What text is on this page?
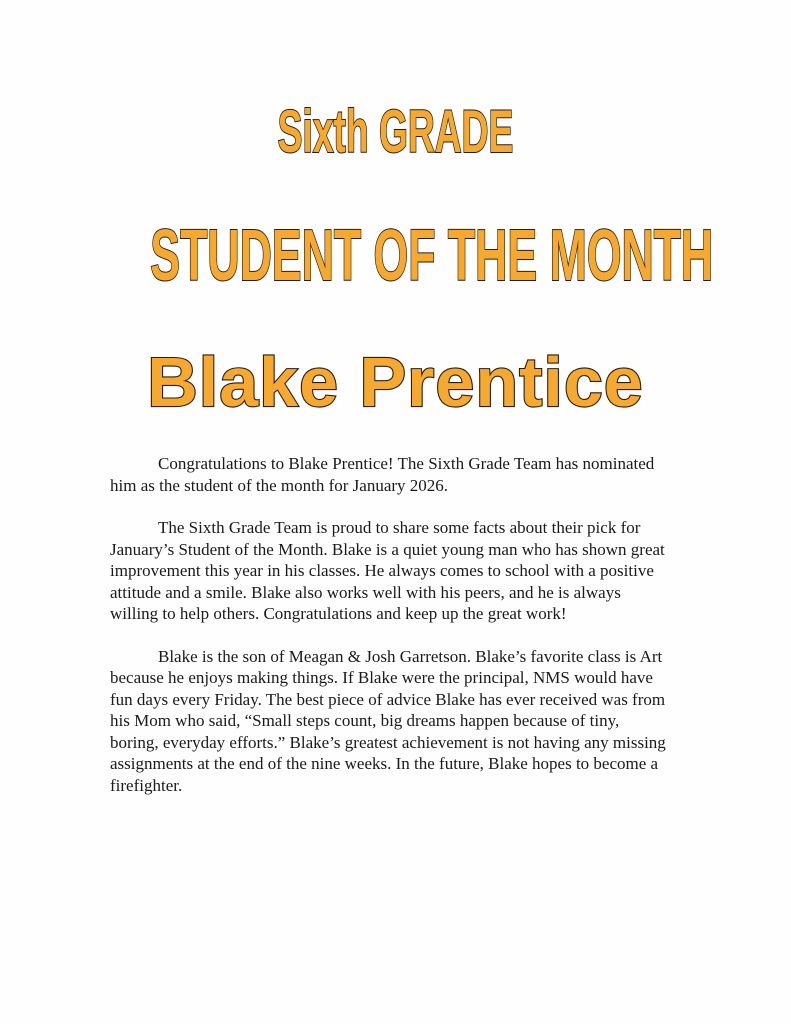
Sixth GRADE
STUDENT OF THE MONTH
Blake Prentice

Congratulations to Blake Prentice! The Sixth Grade Team has nominated him as the student of the month for January 2026.

The Sixth Grade Team is proud to share some facts about their pick for January’s Student of the Month. Blake is a quiet young man who has shown great improvement this year in his classes. He always comes to school with a positive attitude and a smile. Blake also works well with his peers, and he is always willing to help others. Congratulations and keep up the great work!

Blake is the son of Meagan & Josh Garretson. Blake’s favorite class is Art because he enjoys making things. If Blake were the principal, NMS would have fun days every Friday. The best piece of advice Blake has ever received was from his Mom who said, “Small steps count, big dreams happen because of tiny, boring, everyday efforts.” Blake’s greatest achievement is not having any missing assignments at the end of the nine weeks. In the future, Blake hopes to become a firefighter.
